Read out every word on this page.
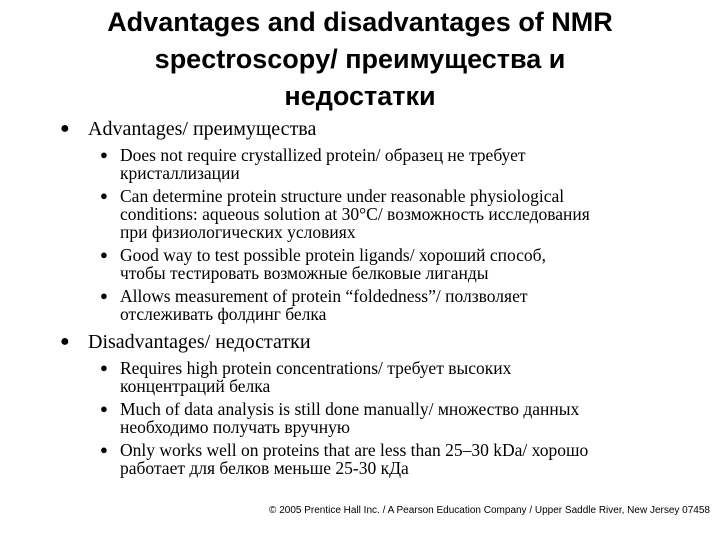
Advantages and disadvantages of NMR
spectroscopy/ преимущества и
недостатки
● Advantages/ преимущества
● Does not require crystallized protein/ образец не требует
кристаллизации
● Can determine protein structure under reasonable physiological
conditions: aqueous solution at 30°C/ возможность исследования
при физиологических условиях
● Good way to test possible protein ligands/ хороший способ,
чтобы тестировать возможные белковые лиганды
● Allows measurement of protein “foldedness”/ ползволяет
отслеживать фолдинг белка
● Disadvantages/ недостатки
● Requires high protein concentrations/ требует высоких
концентраций белка
● Much of data analysis is still done manually/ множество данных
необходимо получать вручную
● Only works well on proteins that are less than 25–30 kDa/ хорошо
работает для белков меньше 25-30 кДа
© 2005 Prentice Hall Inc. / A Pearson Education Company / Upper Saddle River, New Jersey 07458
